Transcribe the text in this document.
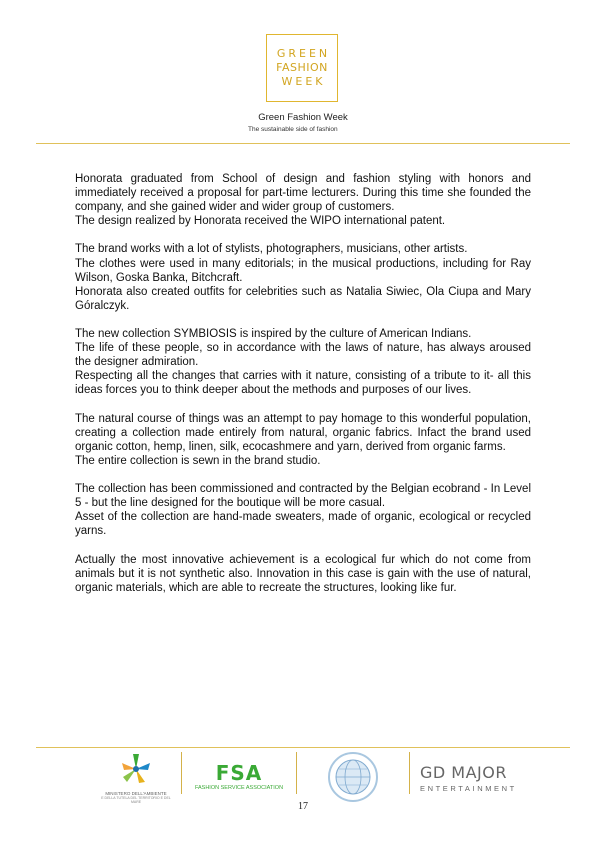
GREEN
FASHION
WEEK
Green Fashion Week
The sustainable side of fashion

Honorata graduated from School of design and fashion styling with honors and immediately received a proposal for part-time lecturers. During this time she founded the company, and she gained wider and wider group of customers.
The design realized by Honorata received the WIPO international patent.

The brand works with a lot of stylists, photographers, musicians, other artists.
The clothes were used in many editorials; in the musical productions, including for Ray Wilson, Goska Banka, Bitchcraft.
Honorata also created outfits for celebrities such as Natalia Siwiec, Ola Ciupa and Mary Góralczyk.

The new collection SYMBIOSIS is inspired by the culture of American Indians.
The life of these people, so in accordance with the laws of nature, has always aroused the designer admiration.
Respecting all the changes that carries with it nature, consisting of a tribute to it- all this ideas forces you to think deeper about the methods and purposes of our lives.

The natural course of things was an attempt to pay homage to this wonderful population, creating a collection made entirely from natural, organic fabrics. Infact the brand used organic cotton, hemp, linen, silk, ecocashmere and yarn, derived from organic farms.
The entire collection is sewn in the brand studio.

The collection has been commissioned and contracted by the Belgian ecobrand - In Level 5 - but the line designed for the boutique will be more casual.
Asset of the collection are hand-made sweaters, made of organic, ecological or recycled yarns.

Actually the most innovative achievement is a ecological fur which do not come from animals but it is not synthetic also. Innovation in this case is gain with the use of natural, organic materials, which are able to recreate the structures, looking like fur.

MINISTERO DELL'AMBIENTE
E DELLA TUTELA DEL TERRITORIO E DEL MARE
FSA
FASHION SERVICE ASSOCIATION
GD MAJOR
ENTERTAINMENT
17
